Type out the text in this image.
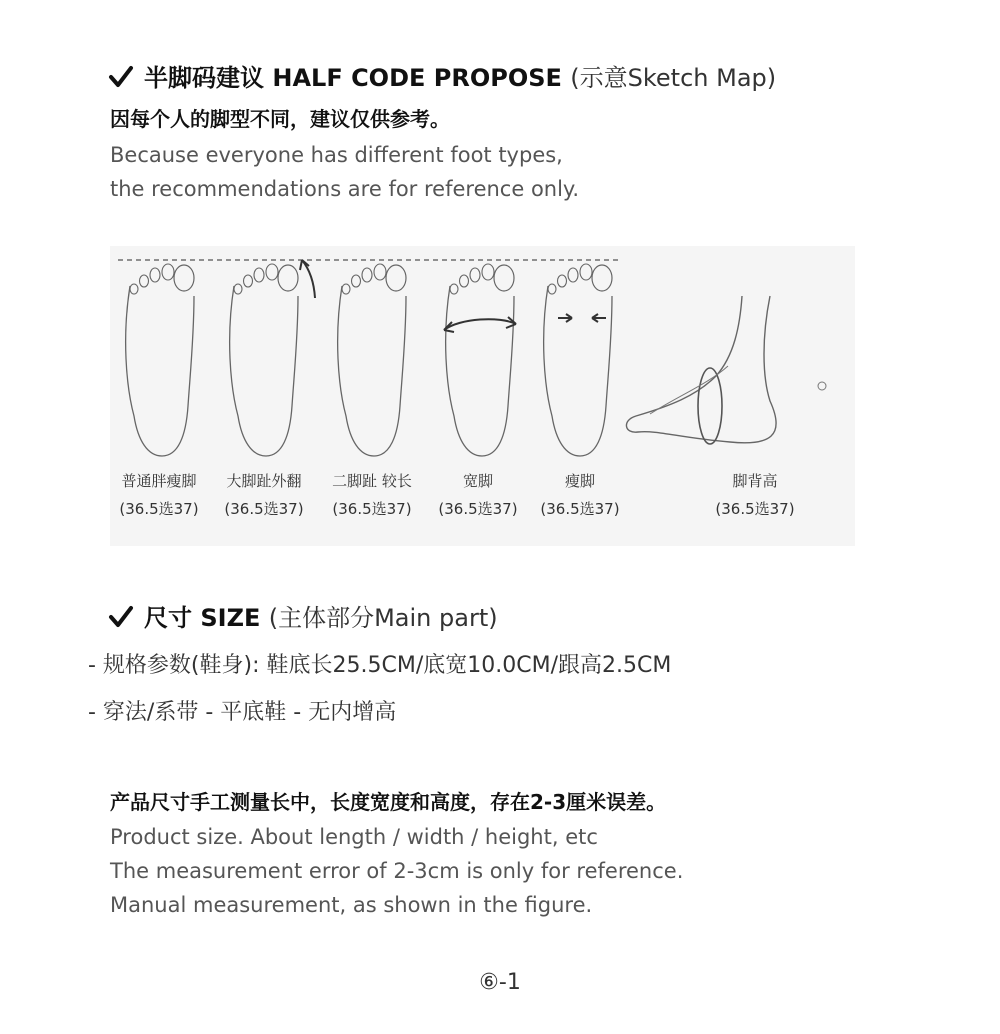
半脚码建议 HALF CODE PROPOSE (示意Sketch Map)
因每个人的脚型不同，建议仅供参考。
Because everyone has different foot types,
the recommendations are for reference only.
普通胖瘦脚	大脚趾外翻	二脚趾 较长	宽脚	瘦脚	脚背高
(36.5选37)	(36.5选37)	(36.5选37)	(36.5选37)	(36.5选37)	(36.5选37)
尺寸 SIZE (主体部分Main part)
- 规格参数(鞋身): 鞋底长25.5CM/底宽10.0CM/跟高2.5CM
- 穿法/系带 - 平底鞋 - 无内增高
产品尺寸手工测量长中，长度宽度和高度，存在2-3厘米误差。
Product size. About length / width / height, etc
The measurement error of 2-3cm is only for reference.
Manual measurement, as shown in the figure.
⑥-1
